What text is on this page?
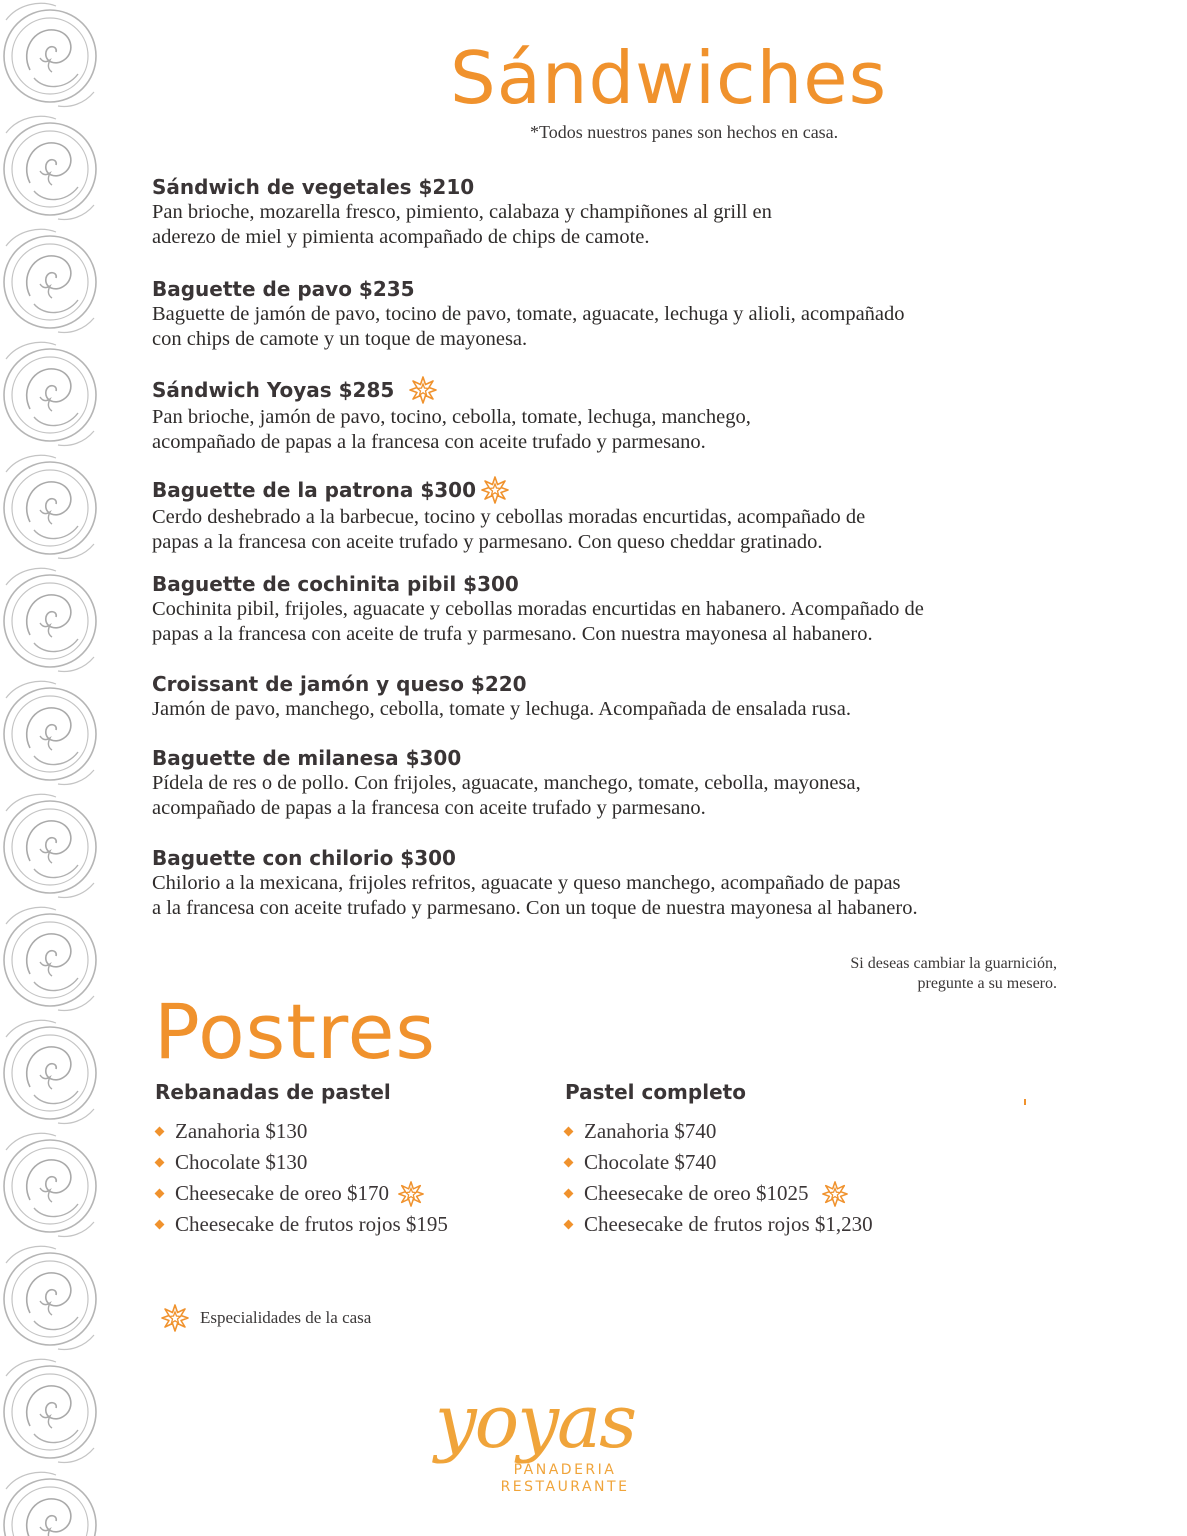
Sándwiches
*Todos nuestros panes son hechos en casa.
Sándwich de vegetales $210
Pan brioche, mozarella fresco, pimiento, calabaza y champiñones al grill en
aderezo de miel y pimienta acompañado de chips de camote.
Baguette de pavo $235
Baguette de jamón de pavo, tocino de pavo, tomate, aguacate, lechuga y alioli, acompañado
con chips de camote y un toque de mayonesa.
Sándwich Yoyas $285
Pan brioche, jamón de pavo, tocino, cebolla, tomate, lechuga, manchego,
acompañado de papas a la francesa con aceite trufado y parmesano.
Baguette de la patrona $300
Cerdo deshebrado a la barbecue, tocino y cebollas moradas encurtidas, acompañado de
papas a la francesa con aceite trufado y parmesano. Con queso cheddar gratinado.
Baguette de cochinita pibil $300
Cochinita pibil, frijoles, aguacate y cebollas moradas encurtidas en habanero. Acompañado de
papas a la francesa con aceite de trufa y parmesano. Con nuestra mayonesa al habanero.
Croissant de jamón y queso $220
Jamón de pavo, manchego, cebolla, tomate y lechuga. Acompañada de ensalada rusa.
Baguette de milanesa $300
Pídela de res o de pollo. Con frijoles, aguacate, manchego, tomate, cebolla, mayonesa,
acompañado de papas a la francesa con aceite trufado y parmesano.
Baguette con chilorio $300
Chilorio a la mexicana, frijoles refritos, aguacate y queso manchego, acompañado de papas
a la francesa con aceite trufado y parmesano. Con un toque de nuestra mayonesa al habanero.
Si deseas cambiar la guarnición,
pregunte a su mesero.
Postres
Rebanadas de pastel	Pastel completo
Zanahoria $130
Chocolate $130
Cheesecake de oreo $170
Cheesecake de frutos rojos $195
Zanahoria $740
Chocolate $740
Cheesecake de oreo $1025
Cheesecake de frutos rojos $1,230
Especialidades de la casa
yoyas
PANADERIA
RESTAURANTE
